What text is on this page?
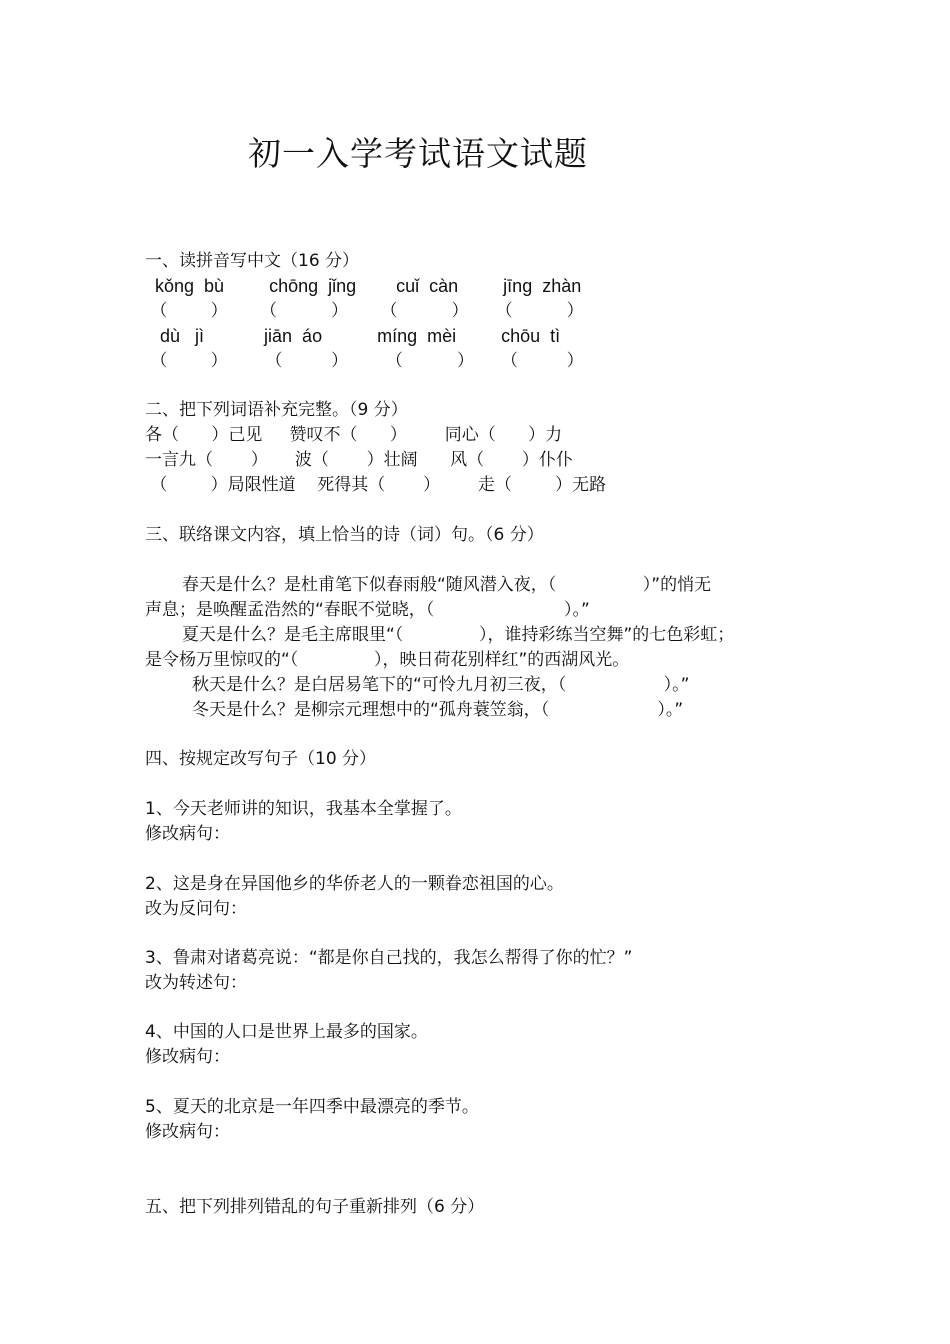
初一入学考试语文试题
一、读拼音写中文（16 分）
kǒng  bù         chōng  jǐng        cuǐ  càn         jīng  zhàn
（        ）      （          ）      （          ）     （          ）
dù   jì            jiān  áo           míng  mèi         chōu  tì
（        ）       （         ）       （          ）     （         ）
二、把下列词语补充完整。（9 分）
各（      ）己见     赞叹不（      ）       同心（      ）力
一言九（       ）     波（       ）壮阔      风（       ）仆仆
（        ）局限性道    死得其（       ）       走（        ）无路
三、联络课文内容，填上恰当的诗（词）句。（6 分）
春天是什么？是杜甫笔下似春雨般“随风潜入夜，（                ）”的悄无
声息；是唤醒孟浩然的“春眠不觉晓，（                        ）。”
夏天是什么？是毛主席眼里“（              ），谁持彩练当空舞”的七色彩虹；
是令杨万里惊叹的“（              ），映日荷花别样红”的西湖风光。
秋天是什么？是白居易笔下的“可怜九月初三夜，（                  ）。”
冬天是什么？是柳宗元理想中的“孤舟蓑笠翁，（                    ）。”
四、按规定改写句子（10 分）
1、今天老师讲的知识，我基本全掌握了。
修改病句：
2、这是身在异国他乡的华侨老人的一颗眷恋祖国的心。
改为反问句：
3、鲁肃对诸葛亮说：“都是你自己找的，我怎么帮得了你的忙？”
改为转述句：
4、中国的人口是世界上最多的国家。
修改病句：
5、夏天的北京是一年四季中最漂亮的季节。
修改病句：
五、把下列排列错乱的句子重新排列（6 分）
